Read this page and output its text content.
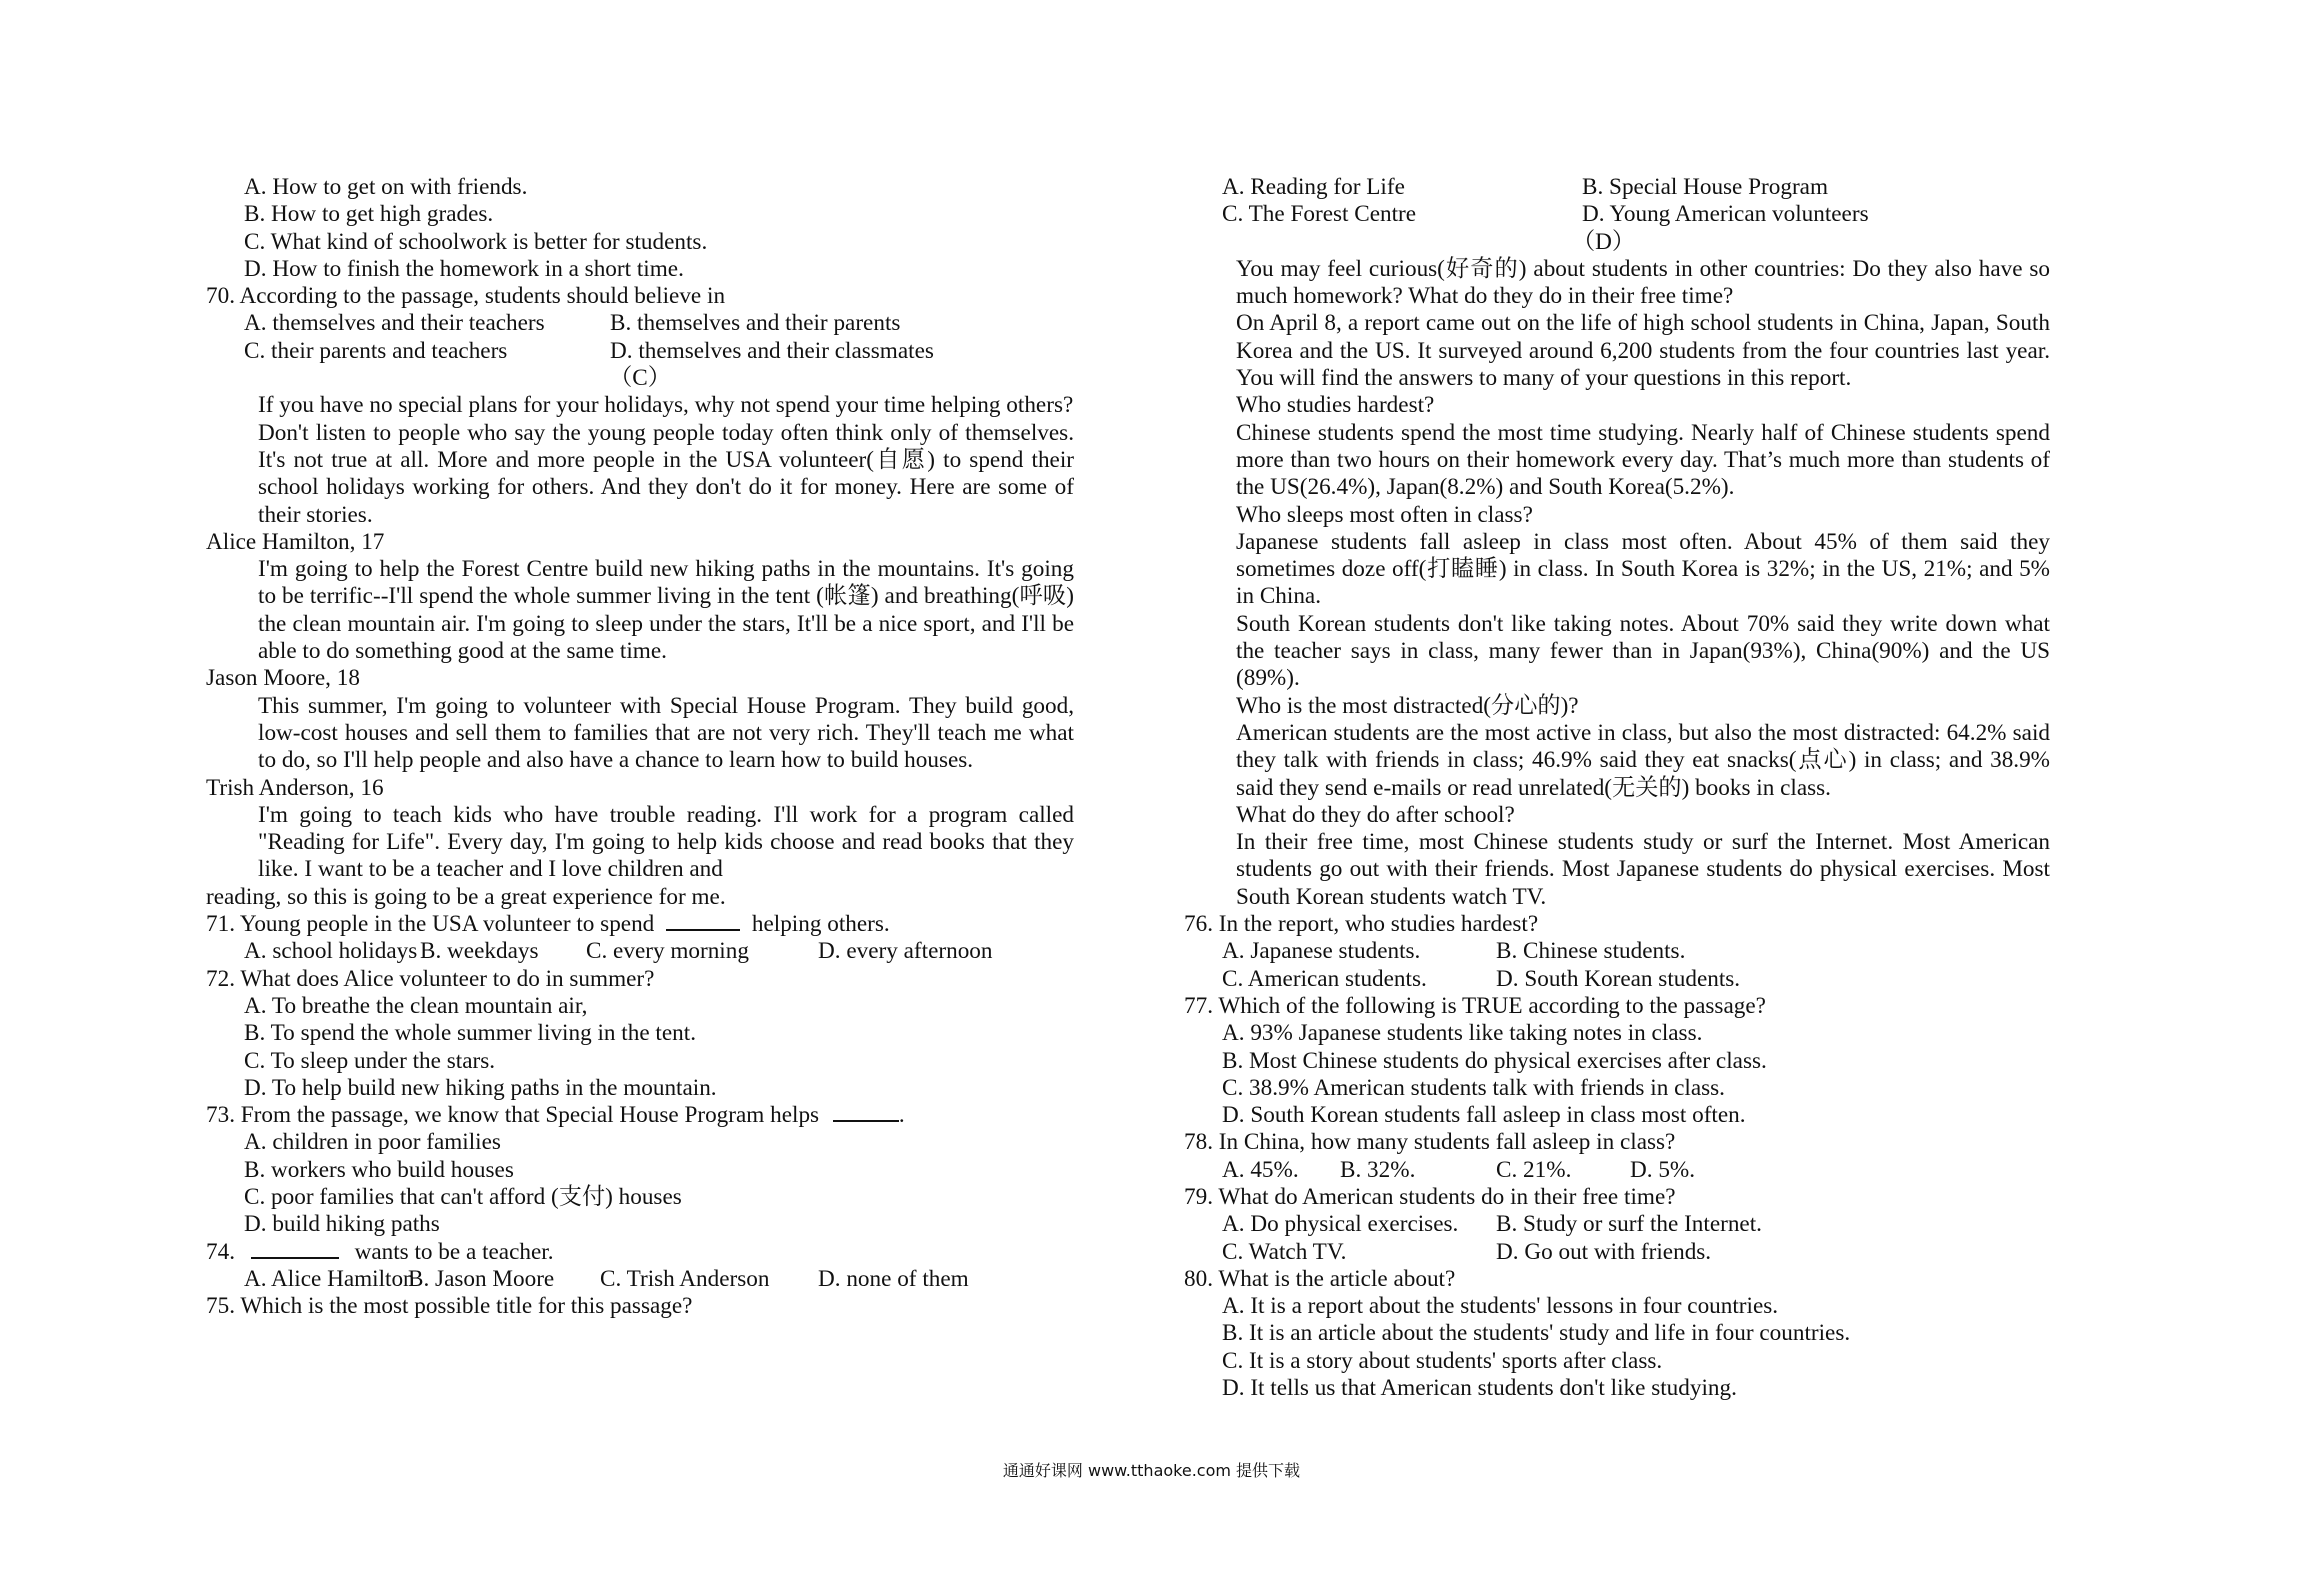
A. How to get on with friends.
B. How to get high grades.
C. What kind of schoolwork is better for students.
D. How to finish the homework in a short time.
70. According to the passage, students should believe in
A. themselves and their teachers	B. themselves and their parents
C. their parents and teachers	D. themselves and their classmates
（C）
If you have no special plans for your holidays, why not spend your time helping others?
Don't listen to people who say the young people today often think only of themselves. It's not true at all. More and more people in the USA volunteer(自愿) to spend their school holidays working for others. And they don't do it for money. Here are some of their stories.
Alice Hamilton, 17
I'm going to help the Forest Centre build new hiking paths in the mountains. It's going to be terrific--I'll spend the whole summer living in the tent (帐篷) and breathing(呼吸) the clean mountain air. I'm going to sleep under the stars, It'll be a nice sport, and I'll be able to do something good at the same time.
Jason Moore, 18
This summer, I'm going to volunteer with Special House Program. They build good, low-cost houses and sell them to families that are not very rich. They'll teach me what to do, so I'll help people and also have a chance to learn how to build houses.
Trish Anderson, 16
I'm going to teach kids who have trouble reading. I'll work for a program called "Reading for Life". Every day, I'm going to help kids choose and read books that they like. I want to be a teacher and I love children and
reading, so this is going to be a great experience for me.
71. Young people in the USA volunteer to spend	helping others.
A. school holidays B. weekdays C. every morning	D. every afternoon
72. What does Alice volunteer to do in summer?
A. To breathe the clean mountain air,
B. To spend the whole summer living in the tent.
C. To sleep under the stars.
D. To help build new hiking paths in the mountain.
73. From the passage, we know that Special House Program helps	.
A. children in poor families
B. workers who build houses
C. poor families that can't afford (支付) houses
D. build hiking paths
74.	wants to be a teacher.
A. Alice Hamilton
B. Jason Moore C. Trish Anderson D. none of them
75. Which is the most possible title for this passage?
A. Reading for Life	B. Special House Program
C. The Forest Centre	D. Young American volunteers
（D）
You may feel curious(好奇的) about students in other countries: Do they also have so much homework? What do they do in their free time?
On April 8, a report came out on the life of high school students in China, Japan, South Korea and the US. It surveyed around 6,200 students from the four countries last year. You will find the answers to many of your questions in this report.
Who studies hardest?
Chinese students spend the most time studying. Nearly half of Chinese students spend more than two hours on their homework every day. That’s much more than students of the US(26.4%), Japan(8.2%) and South Korea(5.2%).
Who sleeps most often in class?
Japanese students fall asleep in class most often. About 45% of them said they sometimes doze off(打瞌睡) in class. In South Korea is 32%; in the US, 21%; and 5% in China.
South Korean students don't like taking notes. About 70% said they write down what the teacher says in class, many fewer than in Japan(93%), China(90%) and the US (89%).
Who is the most distracted(分心的)?
American students are the most active in class, but also the most distracted: 64.2% said they talk with friends in class; 46.9% said they eat snacks(点心) in class; and 38.9% said they send e-mails or read unrelated(无关的) books in class.
What do they do after school?
In their free time, most Chinese students study or surf the Internet. Most American students go out with their friends. Most Japanese students do physical exercises. Most South Korean students watch TV.
76. In the report, who studies hardest?
A. Japanese students.	B. Chinese students.
C. American students.	D. South Korean students.
77. Which of the following is TRUE according to the passage?
A. 93% Japanese students like taking notes in class.
B. Most Chinese students do physical exercises after class.
C. 38.9% American students talk with friends in class.
D. South Korean students fall asleep in class most often.
78. In China, how many students fall asleep in class?
A. 45%. B. 32%.	C. 21%.	D. 5%.
79. What do American students do in their free time?
A. Do physical exercises. B. Study or surf the Internet.
C. Watch TV.	D. Go out with friends.
80. What is the article about?
A. It is a report about the students' lessons in four countries.
B. It is an article about the students' study and life in four countries.
C. It is a story about students' sports after class.
D. It tells us that American students don't like studying.
通通好课网 www.tthaoke.com 提供下载
